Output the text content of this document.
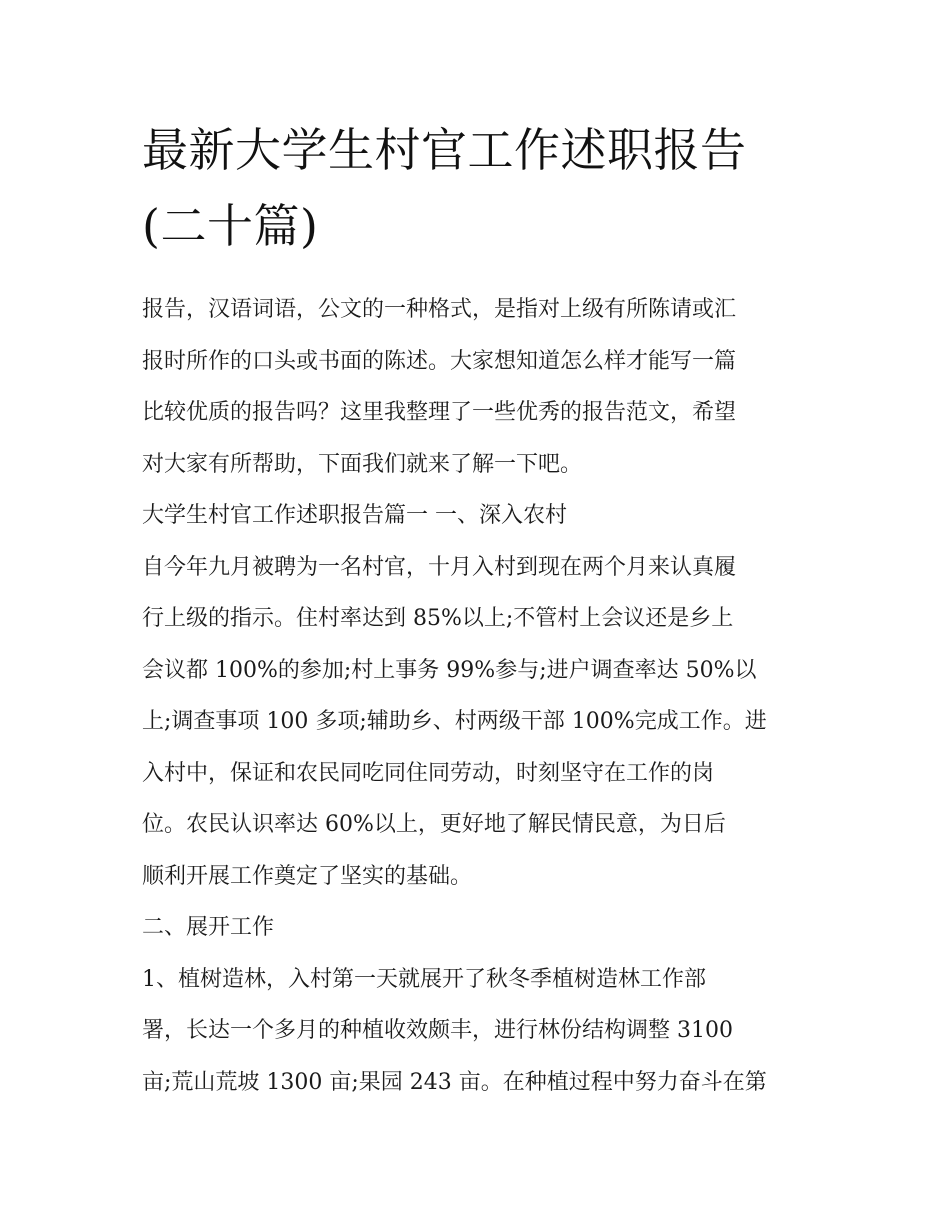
最新大学生村官工作述职报告
(二十篇)
报告，汉语词语，公文的一种格式，是指对上级有所陈请或汇
报时所作的口头或书面的陈述。大家想知道怎么样才能写一篇
比较优质的报告吗？这里我整理了一些优秀的报告范文，希望
对大家有所帮助，下面我们就来了解一下吧。
大学生村官工作述职报告篇一 一、深入农村
自今年九月被聘为一名村官，十月入村到现在两个月来认真履
行上级的指示。住村率达到 85%以上;不管村上会议还是乡上
会议都 100%的参加;村上事务 99%参与;进户调查率达 50%以
上;调查事项 100 多项;辅助乡、村两级干部 100%完成工作。进
入村中，保证和农民同吃同住同劳动，时刻坚守在工作的岗
位。农民认识率达 60%以上，更好地了解民情民意，为日后
顺利开展工作奠定了坚实的基础。
二、展开工作
1、植树造林，入村第一天就展开了秋冬季植树造林工作部
署，长达一个多月的种植收效颇丰，进行林份结构调整 3100
亩;荒山荒坡 1300 亩;果园 243 亩。在种植过程中努力奋斗在第
